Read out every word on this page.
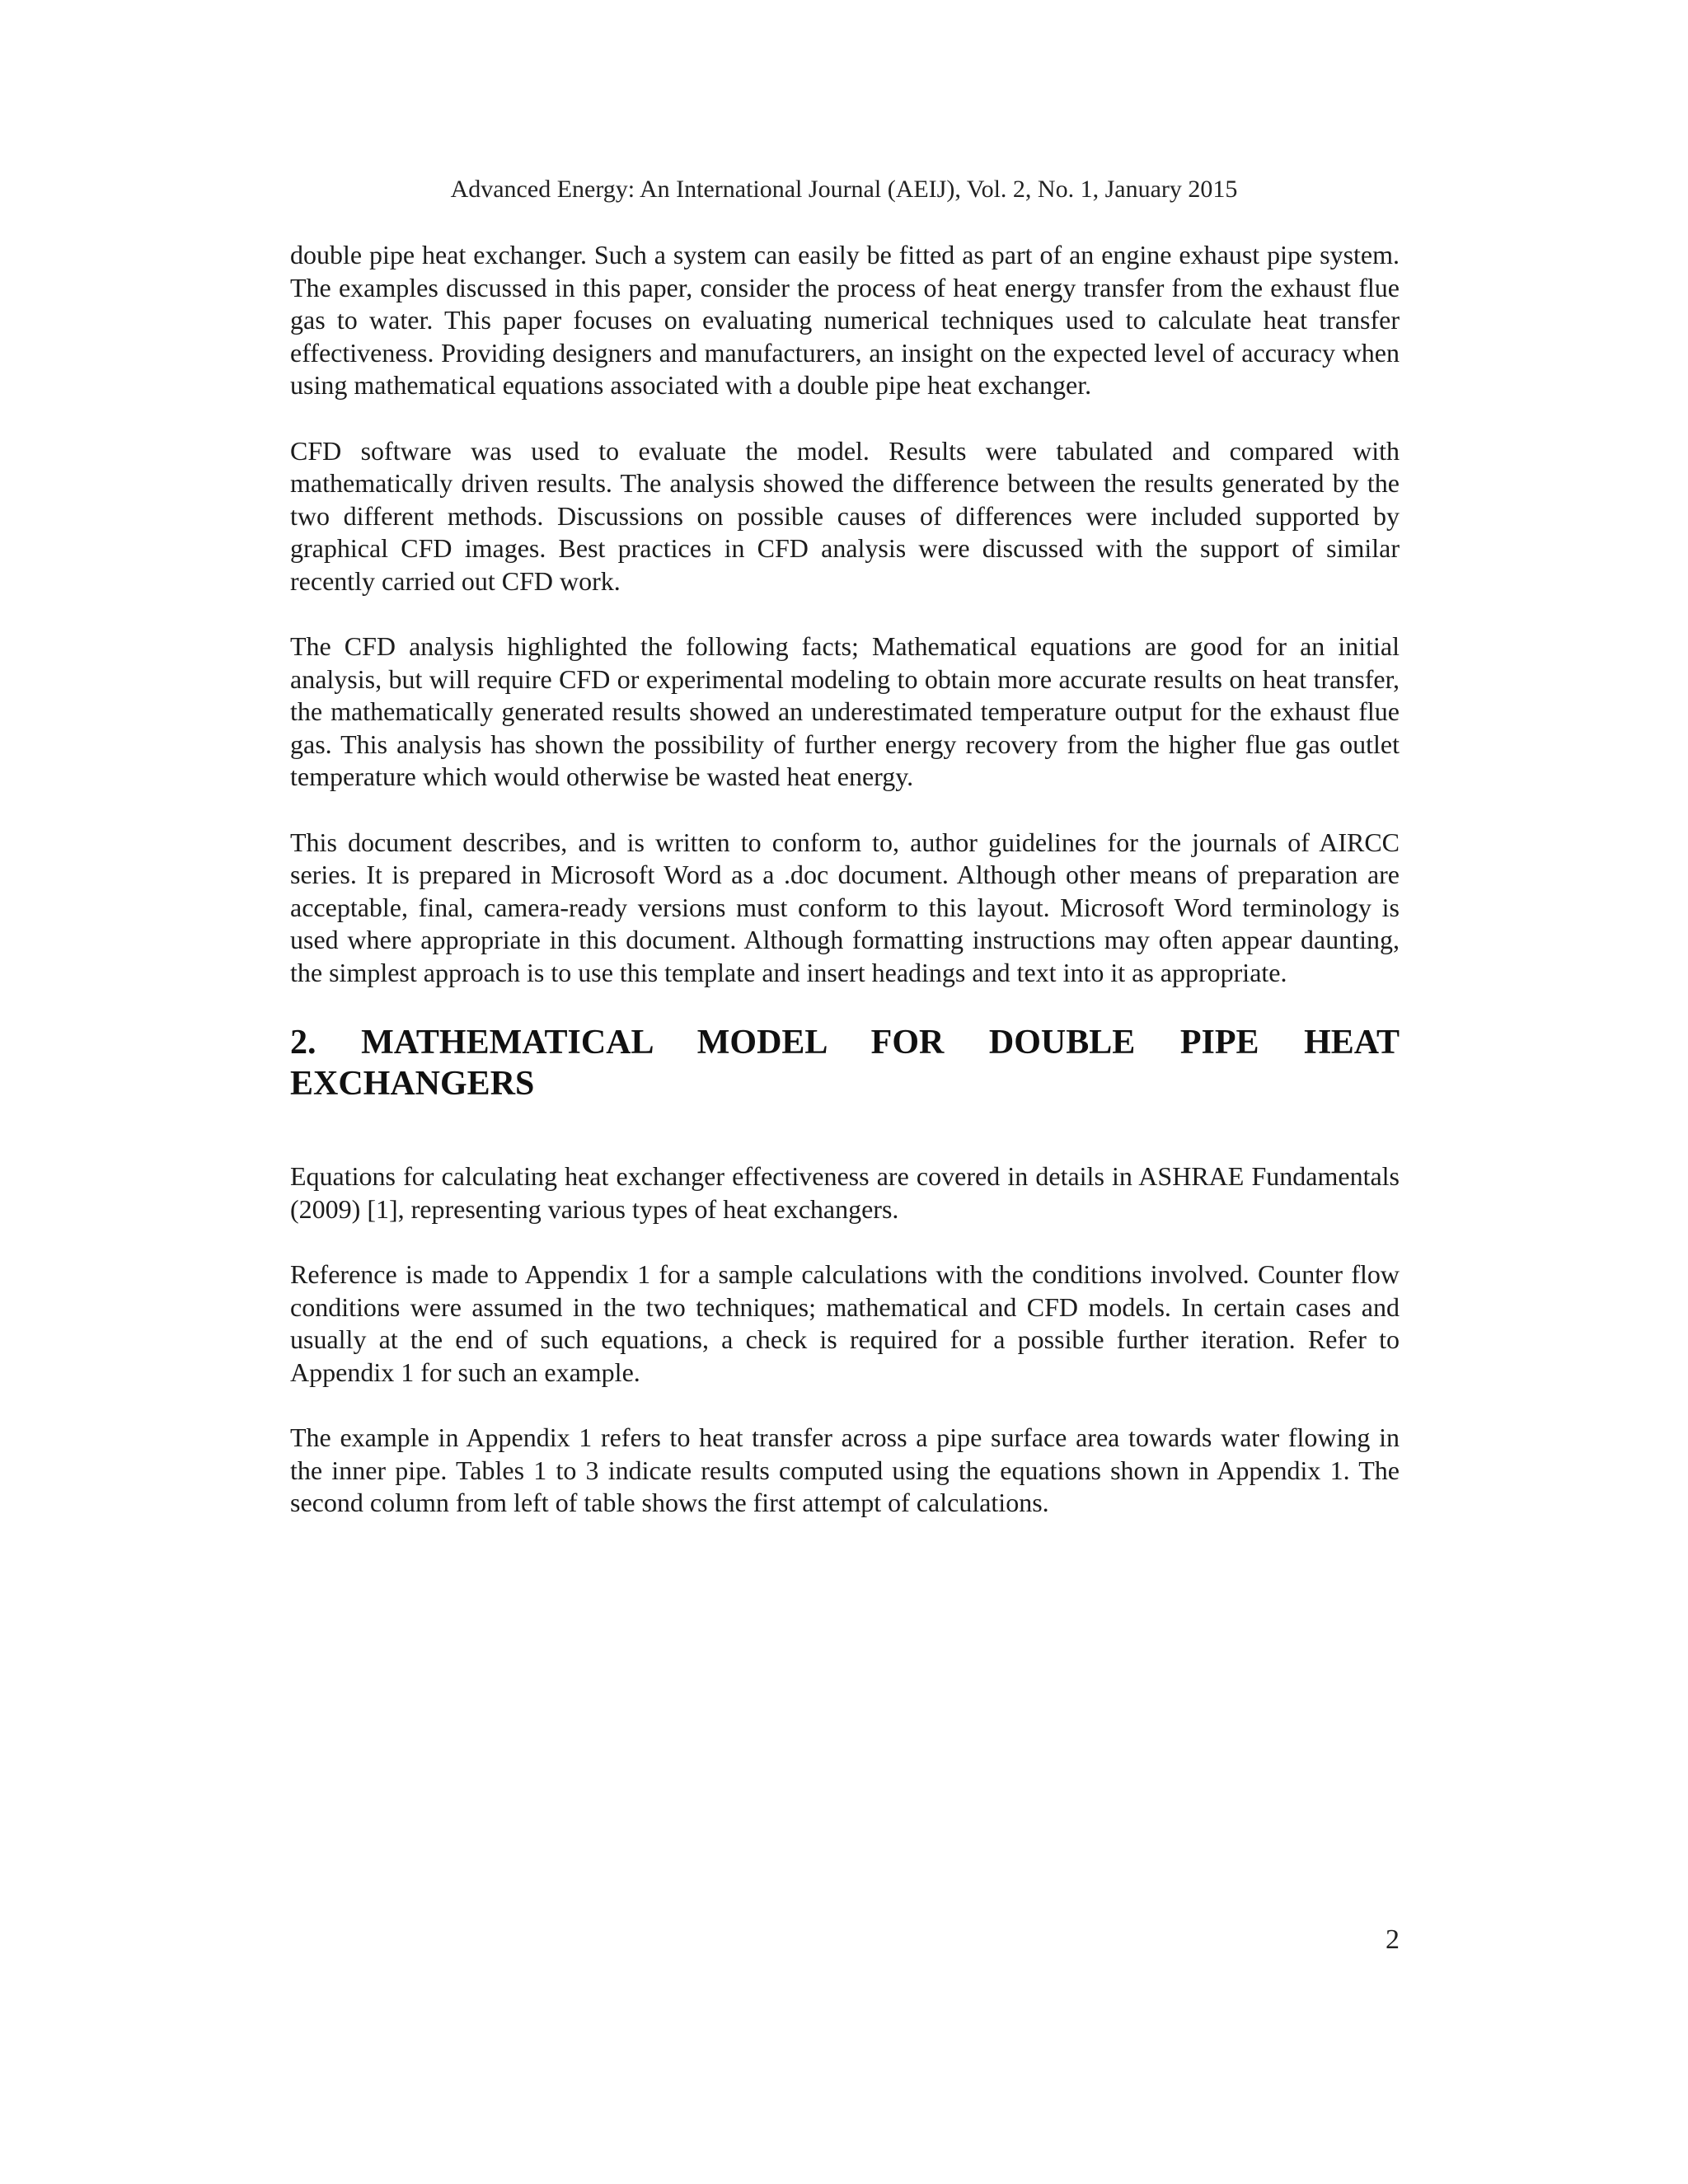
Advanced Energy: An International Journal (AEIJ), Vol. 2, No. 1, January 2015

double pipe heat exchanger. Such a system can easily be fitted as part of an engine exhaust pipe system. The examples discussed in this paper, consider the process of heat energy transfer from the exhaust flue gas to water. This paper focuses on evaluating numerical techniques used to calculate heat transfer effectiveness. Providing designers and manufacturers, an insight on the expected level of accuracy when using mathematical equations associated with a double pipe heat exchanger.

CFD software was used to evaluate the model. Results were tabulated and compared with mathematically driven results. The analysis showed the difference between the results generated by the two different methods. Discussions on possible causes of differences were included supported by graphical CFD images. Best practices in CFD analysis were discussed with the support of similar recently carried out CFD work.

The CFD analysis highlighted the following facts; Mathematical equations are good for an initial analysis, but will require CFD or experimental modeling to obtain more accurate results on heat transfer, the mathematically generated results showed an underestimated temperature output for the exhaust flue gas. This analysis has shown the possibility of further energy recovery from the higher flue gas outlet temperature which would otherwise be wasted heat energy.

This document describes, and is written to conform to, author guidelines for the journals of AIRCC series. It is prepared in Microsoft Word as a .doc document. Although other means of preparation are acceptable, final, camera-ready versions must conform to this layout. Microsoft Word terminology is used where appropriate in this document. Although formatting instructions may often appear daunting, the simplest approach is to use this template and insert headings and text into it as appropriate.

2. MATHEMATICAL MODEL FOR DOUBLE PIPE HEAT EXCHANGERS

Equations for calculating heat exchanger effectiveness are covered in details in ASHRAE Fundamentals (2009) [1], representing various types of heat exchangers.

Reference is made to Appendix 1 for a sample calculations with the conditions involved. Counter flow conditions were assumed in the two techniques; mathematical and CFD models. In certain cases and usually at the end of such equations, a check is required for a possible further iteration. Refer to Appendix 1 for such an example.

The example in Appendix 1 refers to heat transfer across a pipe surface area towards water flowing in the inner pipe. Tables 1 to 3 indicate results computed using the equations shown in Appendix 1. The second column from left of table shows the first attempt of calculations.

2
